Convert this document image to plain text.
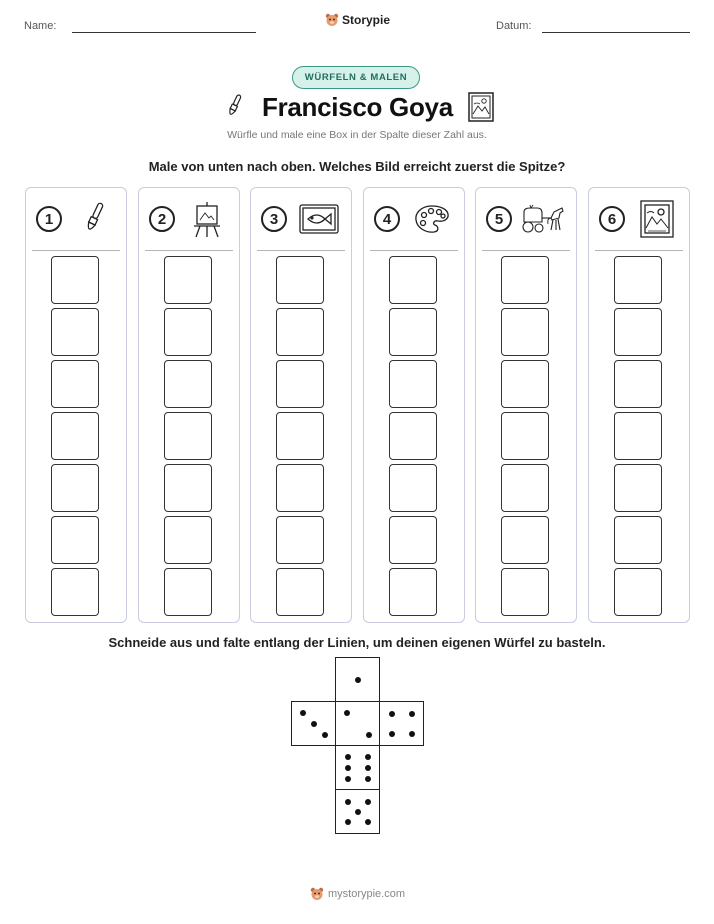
Name:	Storypie	Datum:
WÜRFELN & MALEN
Francisco Goya
Würfle und male eine Box in der Spalte dieser Zahl aus.
Male von unten nach oben. Welches Bild erreicht zuerst die Spitze?
1	2	3	4	5	6
Schneide aus und falte entlang der Linien, um deinen eigenen Würfel zu basteln.
mystorypie.com
